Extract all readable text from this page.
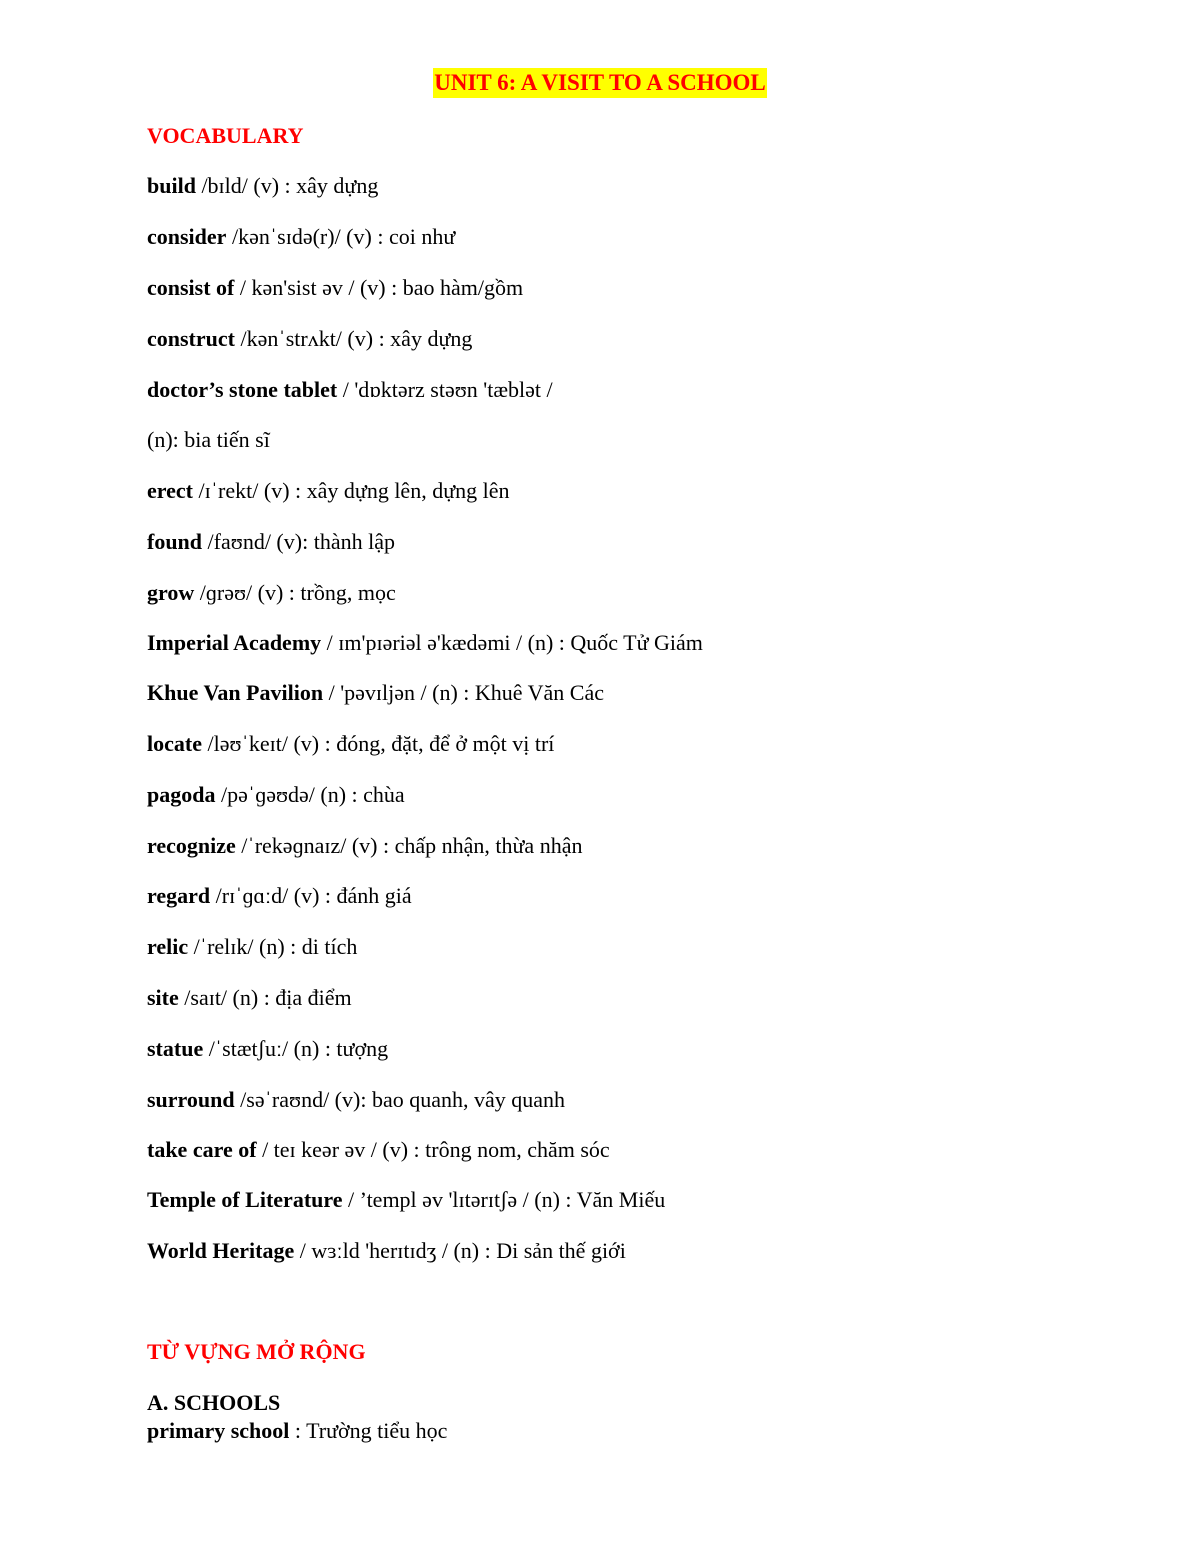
UNIT 6: A VISIT TO A SCHOOL
VOCABULARY
build /bɪld/ (v) : xây dựng
consider /kənˈsɪdə(r)/ (v) : coi như
consist of / kən'sist əv / (v) : bao hàm/gồm
construct /kənˈstrʌkt/ (v) : xây dựng
doctor’s stone tablet / 'dɒktərz stəʊn 'tæblət /
(n): bia tiến sĩ
erect /ɪˈrekt/ (v) : xây dựng lên, dựng lên
found /faʊnd/ (v): thành lập
grow /ɡrəʊ/ (v) : trồng, mọc
Imperial Academy / ɪm'pɪəriəl ə'kædəmi / (n) : Quốc Tử Giám
Khue Van Pavilion / 'pəvɪljən / (n) : Khuê Văn Các
locate /ləʊˈkeɪt/ (v) : đóng, đặt, để ở một vị trí
pagoda /pəˈɡəʊdə/ (n) : chùa
recognize /ˈrekəɡnaɪz/ (v) : chấp nhận, thừa nhận
regard /rɪˈɡɑːd/ (v) : đánh giá
relic /ˈrelɪk/ (n) : di tích
site /saɪt/ (n) : địa điểm
statue /ˈstætʃuː/ (n) : tượng
surround /səˈraʊnd/ (v): bao quanh, vây quanh
take care of / teɪ keər əv / (v) : trông nom, chăm sóc
Temple of Literature / ’templ əv 'lɪtərɪtʃə / (n) : Văn Miếu
World Heritage / wɜːld 'herɪtɪdʒ / (n) : Di sản thế giới
TỪ VỰNG MỞ RỘNG
A. SCHOOLS
primary school : Trường tiểu học
